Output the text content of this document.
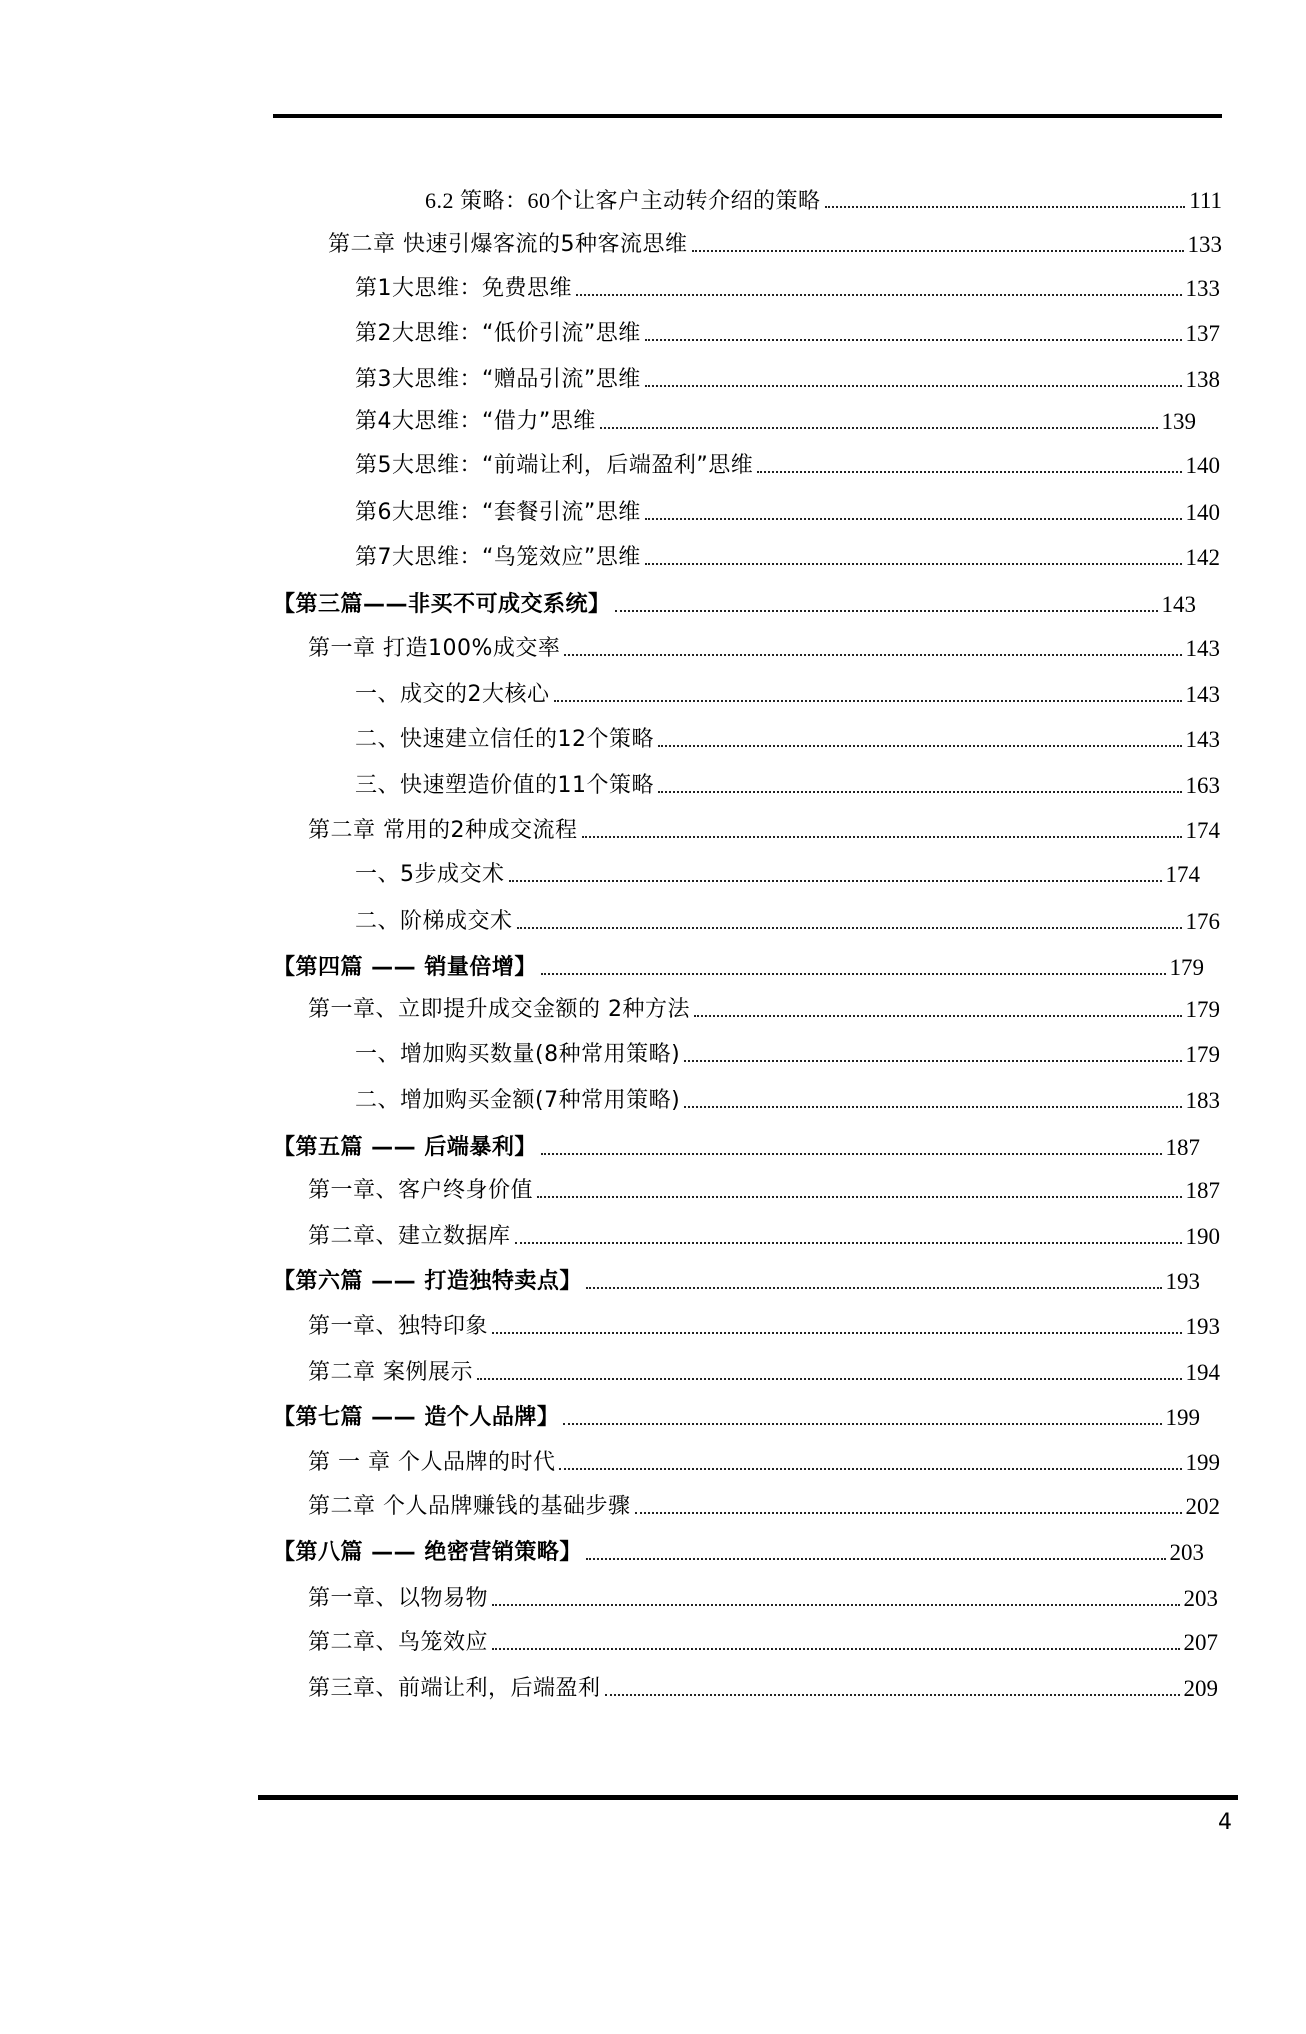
6.2 策略：60个让客户主动转介绍的策略	111
第二章 快速引爆客流的5种客流思维	133
第1大思维：免费思维	133
第2大思维：“低价引流”思维	137
第3大思维：“赠品引流”思维	138
第4大思维：“借力”思维	139
第5大思维：“前端让利，后端盈利”思维	140
第6大思维：“套餐引流”思维	140
第7大思维：“鸟笼效应”思维	142
【第三篇——非买不可成交系统】	143
第一章 打造100%成交率	143
一、成交的2大核心	143
二、快速建立信任的12个策略	143
三、快速塑造价值的11个策略	163
第二章 常用的2种成交流程	174
一、5步成交术	174
二、阶梯成交术	176
【第四篇 —— 销量倍增】	179
第一章、立即提升成交金额的 2种方法	179
一、增加购买数量(8种常用策略)	179
二、增加购买金额(7种常用策略)	183
【第五篇 —— 后端暴利】	187
第一章、客户终身价值	187
第二章、建立数据库	190
【第六篇 —— 打造独特卖点】	193
第一章、独特印象	193
第二章 案例展示	194
【第七篇 —— 造个人品牌】	199
第 一 章 个人品牌的时代	199
第二章 个人品牌赚钱的基础步骤	202
【第八篇 —— 绝密营销策略】	203
第一章、以物易物	203
第二章、鸟笼效应	207
第三章、前端让利，后端盈利	209
4
